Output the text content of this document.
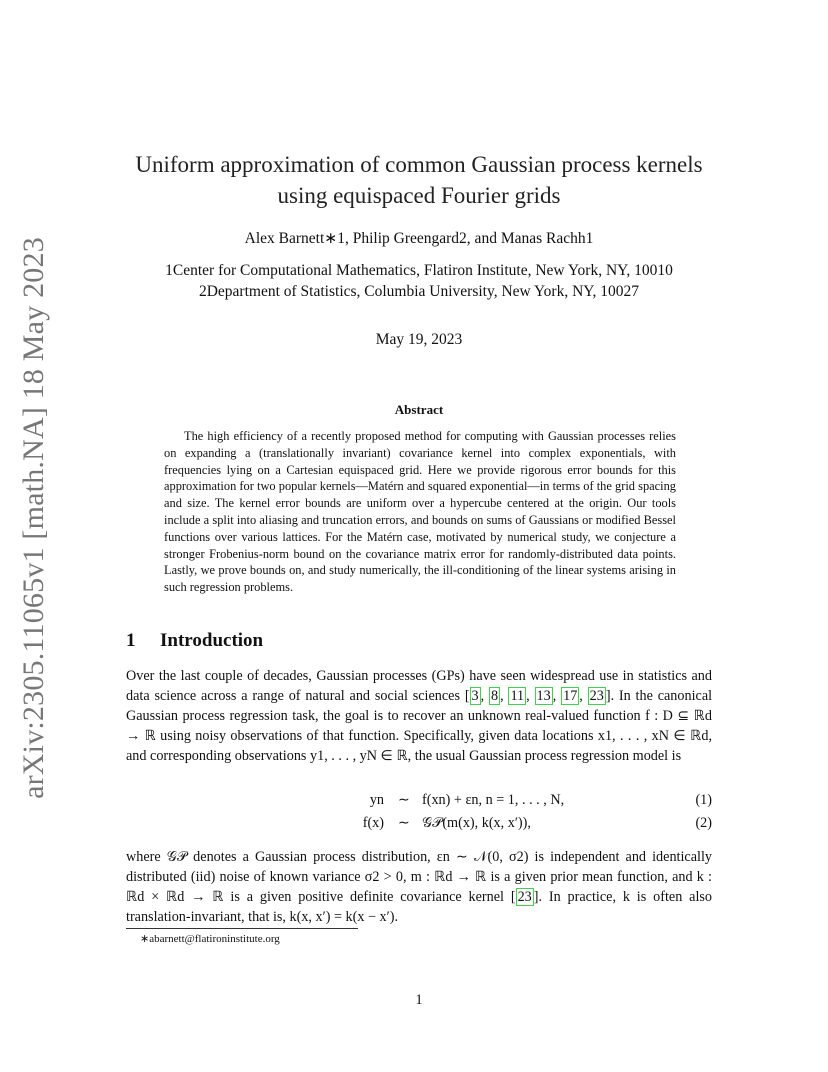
arXiv:2305.11065v1 [math.NA] 18 May 2023
Uniform approximation of common Gaussian process kernels
using equispaced Fourier grids
Alex Barnett∗1, Philip Greengard2, and Manas Rachh1
1Center for Computational Mathematics, Flatiron Institute, New York, NY, 10010
2Department of Statistics, Columbia University, New York, NY, 10027
May 19, 2023
Abstract

The high efficiency of a recently proposed method for computing with Gaussian processes relies on expanding a (translationally invariant) covariance kernel into complex exponentials, with frequencies lying on a Cartesian equispaced grid. Here we provide rigorous error bounds for this approximation for two popular kernels—Matérn and squared exponential—in terms of the grid spacing and size. The kernel error bounds are uniform over a hypercube centered at the origin. Our tools include a split into aliasing and truncation errors, and bounds on sums of Gaussians or modified Bessel functions over various lattices. For the Matérn case, motivated by numerical study, we conjecture a stronger Frobenius-norm bound on the covariance matrix error for randomly-distributed data points. Lastly, we prove bounds on, and study numerically, the ill-conditioning of the linear systems arising in such regression problems.

1 Introduction
Over the last couple of decades, Gaussian processes (GPs) have seen widespread use in statistics and data science across a range of natural and social sciences [ 3 , 8 , 11 , 13 , 17 , 23 ]. In the canonical Gaussian process regression task, the goal is to recover an unknown real-valued function f : D ⊆ ℝd → ℝ using noisy observations of that function. Specifically, given data locations x1, . . . , xN ∈ ℝd, and corresponding observations y1, . . . , yN ∈ ℝ, the usual Gaussian process regression model is
yn ∼ f(xn) + εn, n = 1, . . . , N,	(1)
f(x) ∼ 𝒢𝒫(m(x), k(x, x′)),	(2)
where 𝒢𝒫 denotes a Gaussian process distribution, εn ∼ 𝒩(0, σ2) is independent and identically distributed (iid) noise of known variance σ2 > 0, m : ℝd → ℝ is a given prior mean function, and k : ℝd × ℝd → ℝ is a given positive definite covariance kernel [ 23 ]. In practice, k is often also translation-invariant, that is, k(x, x′) = k(x − x′).
∗abarnett@flatironinstitute.org
1
